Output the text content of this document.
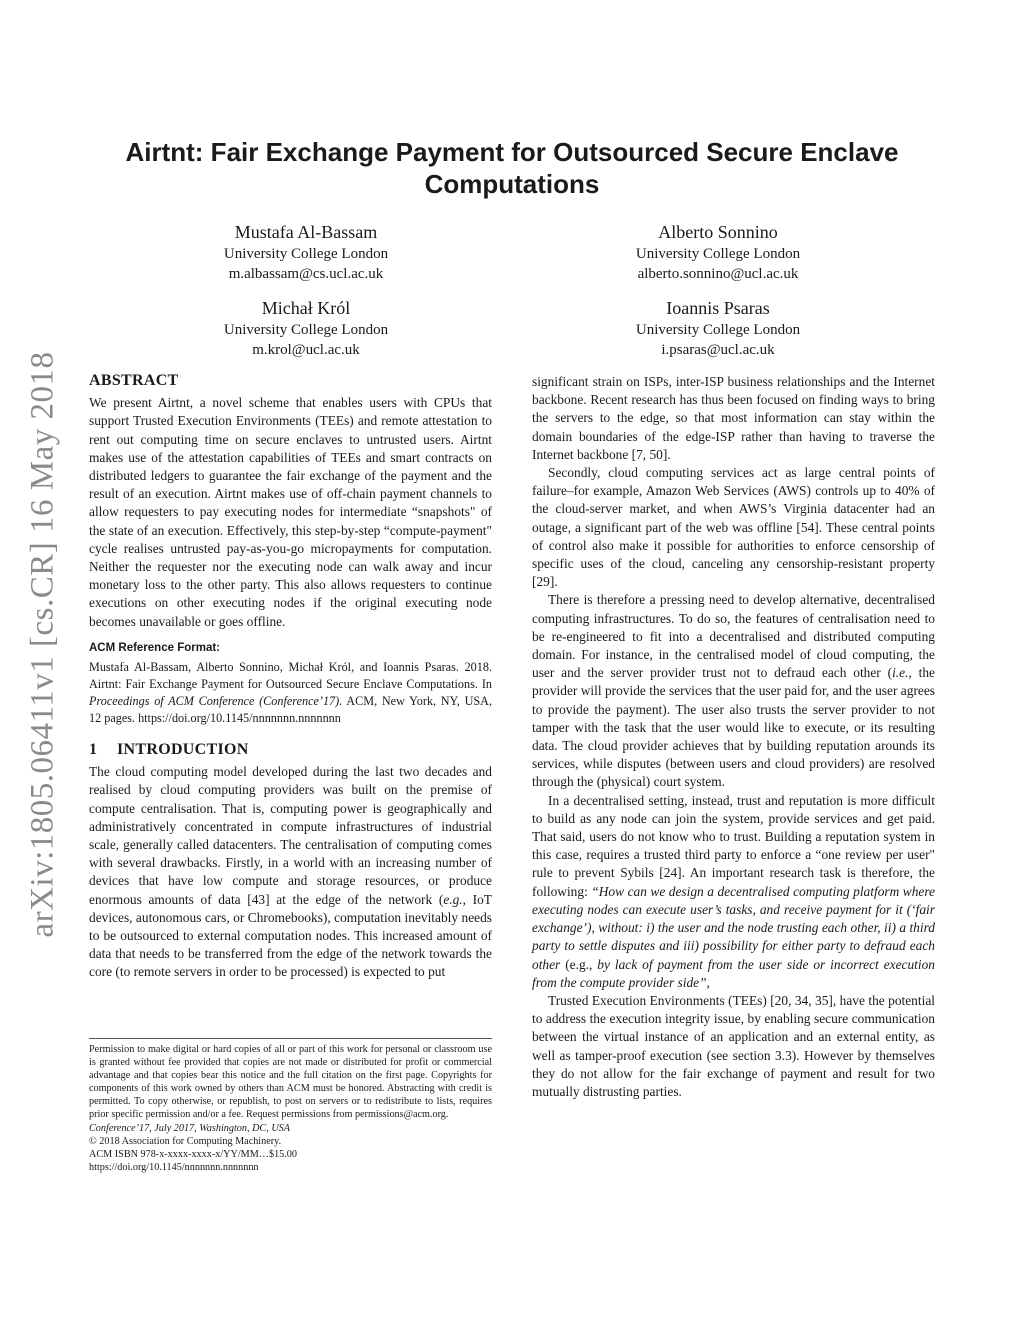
arXiv:1805.06411v1 [cs.CR] 16 May 2018
Airtnt: Fair Exchange Payment for Outsourced Secure Enclave Computations
Mustafa Al-Bassam
University College London
m.albassam@cs.ucl.ac.uk
Alberto Sonnino
University College London
alberto.sonnino@ucl.ac.uk
Michał Król
University College London
m.krol@ucl.ac.uk
Ioannis Psaras
University College London
i.psaras@ucl.ac.uk
ABSTRACT

We present Airtnt, a novel scheme that enables users with CPUs that support Trusted Execution Environments (TEEs) and remote attestation to rent out computing time on secure enclaves to untrusted users. Airtnt makes use of the attestation capabilities of TEEs and smart contracts on distributed ledgers to guarantee the fair exchange of the payment and the result of an execution. Airtnt makes use of off-chain payment channels to allow requesters to pay executing nodes for intermediate “snapshots" of the state of an execution. Effectively, this step-by-step “compute-payment" cycle realises untrusted pay-as-you-go micropayments for computation. Neither the requester nor the executing node can walk away and incur monetary loss to the other party. This also allows requesters to continue executions on other executing nodes if the original executing node becomes unavailable or goes offline.

ACM Reference Format:

Mustafa Al-Bassam, Alberto Sonnino, Michał Król, and Ioannis Psaras. 2018. Airtnt: Fair Exchange Payment for Outsourced Secure Enclave Computations. In Proceedings of ACM Conference (Conference’17). ACM, New York, NY, USA, 12 pages. https://doi.org/10.1145/nnnnnnn.nnnnnnn

1 INTRODUCTION

The cloud computing model developed during the last two decades and realised by cloud computing providers was built on the premise of compute centralisation. That is, computing power is geographically and administratively concentrated in compute infrastructures of industrial scale, generally called datacenters. The centralisation of computing comes with several drawbacks. Firstly, in a world with an increasing number of devices that have low compute and storage resources, or produce enormous amounts of data [43] at the edge of the network (e.g., IoT devices, autonomous cars, or Chromebooks), computation inevitably needs to be outsourced to external computation nodes. This increased amount of data that needs to be transferred from the edge of the network towards the core (to remote servers in order to be processed) is expected to put

significant strain on ISPs, inter-ISP business relationships and the Internet backbone. Recent research has thus been focused on finding ways to bring the servers to the edge, so that most information can stay within the domain boundaries of the edge-ISP rather than having to traverse the Internet backbone [7, 50].

Secondly, cloud computing services act as large central points of failure–for example, Amazon Web Services (AWS) controls up to 40% of the cloud-server market, and when AWS’s Virginia datacenter had an outage, a significant part of the web was offline [54]. These central points of control also make it possible for authorities to enforce censorship of specific uses of the cloud, canceling any censorship-resistant property [29].

There is therefore a pressing need to develop alternative, decentralised computing infrastructures. To do so, the features of centralisation need to be re-engineered to fit into a decentralised and distributed computing domain. For instance, in the centralised model of cloud computing, the user and the server provider trust not to defraud each other (i.e., the provider will provide the services that the user paid for, and the user agrees to provide the payment). The user also trusts the server provider to not tamper with the task that the user would like to execute, or its resulting data. The cloud provider achieves that by building reputation arounds its services, while disputes (between users and cloud providers) are resolved through the (physical) court system.

In a decentralised setting, instead, trust and reputation is more difficult to build as any node can join the system, provide services and get paid. That said, users do not know who to trust. Building a reputation system in this case, requires a trusted third party to enforce a “one review per user" rule to prevent Sybils [24]. An important research task is therefore, the following: “How can we design a decentralised computing platform where executing nodes can execute user’s tasks, and receive payment for it (‘fair exchange’), without: i) the user and the node trusting each other, ii) a third party to settle disputes and iii) possibility for either party to defraud each other (e.g., by lack of payment from the user side or incorrect execution from the compute provider side”,

Trusted Execution Environments (TEEs) [20, 34, 35], have the potential to address the execution integrity issue, by enabling secure communication between the virtual instance of an application and an external entity, as well as tamper-proof execution (see section 3.3). However by themselves they do not allow for the fair exchange of payment and result for two mutually distrusting parties.

Permission to make digital or hard copies of all or part of this work for personal or classroom use is granted without fee provided that copies are not made or distributed for profit or commercial advantage and that copies bear this notice and the full citation on the first page. Copyrights for components of this work owned by others than ACM must be honored. Abstracting with credit is permitted. To copy otherwise, or republish, to post on servers or to redistribute to lists, requires prior specific permission and/or a fee. Request permissions from permissions@acm.org.

Conference’17, July 2017, Washington, DC, USA

© 2018 Association for Computing Machinery.

ACM ISBN 978-x-xxxx-xxxx-x/YY/MM…$15.00

https://doi.org/10.1145/nnnnnnn.nnnnnnn
